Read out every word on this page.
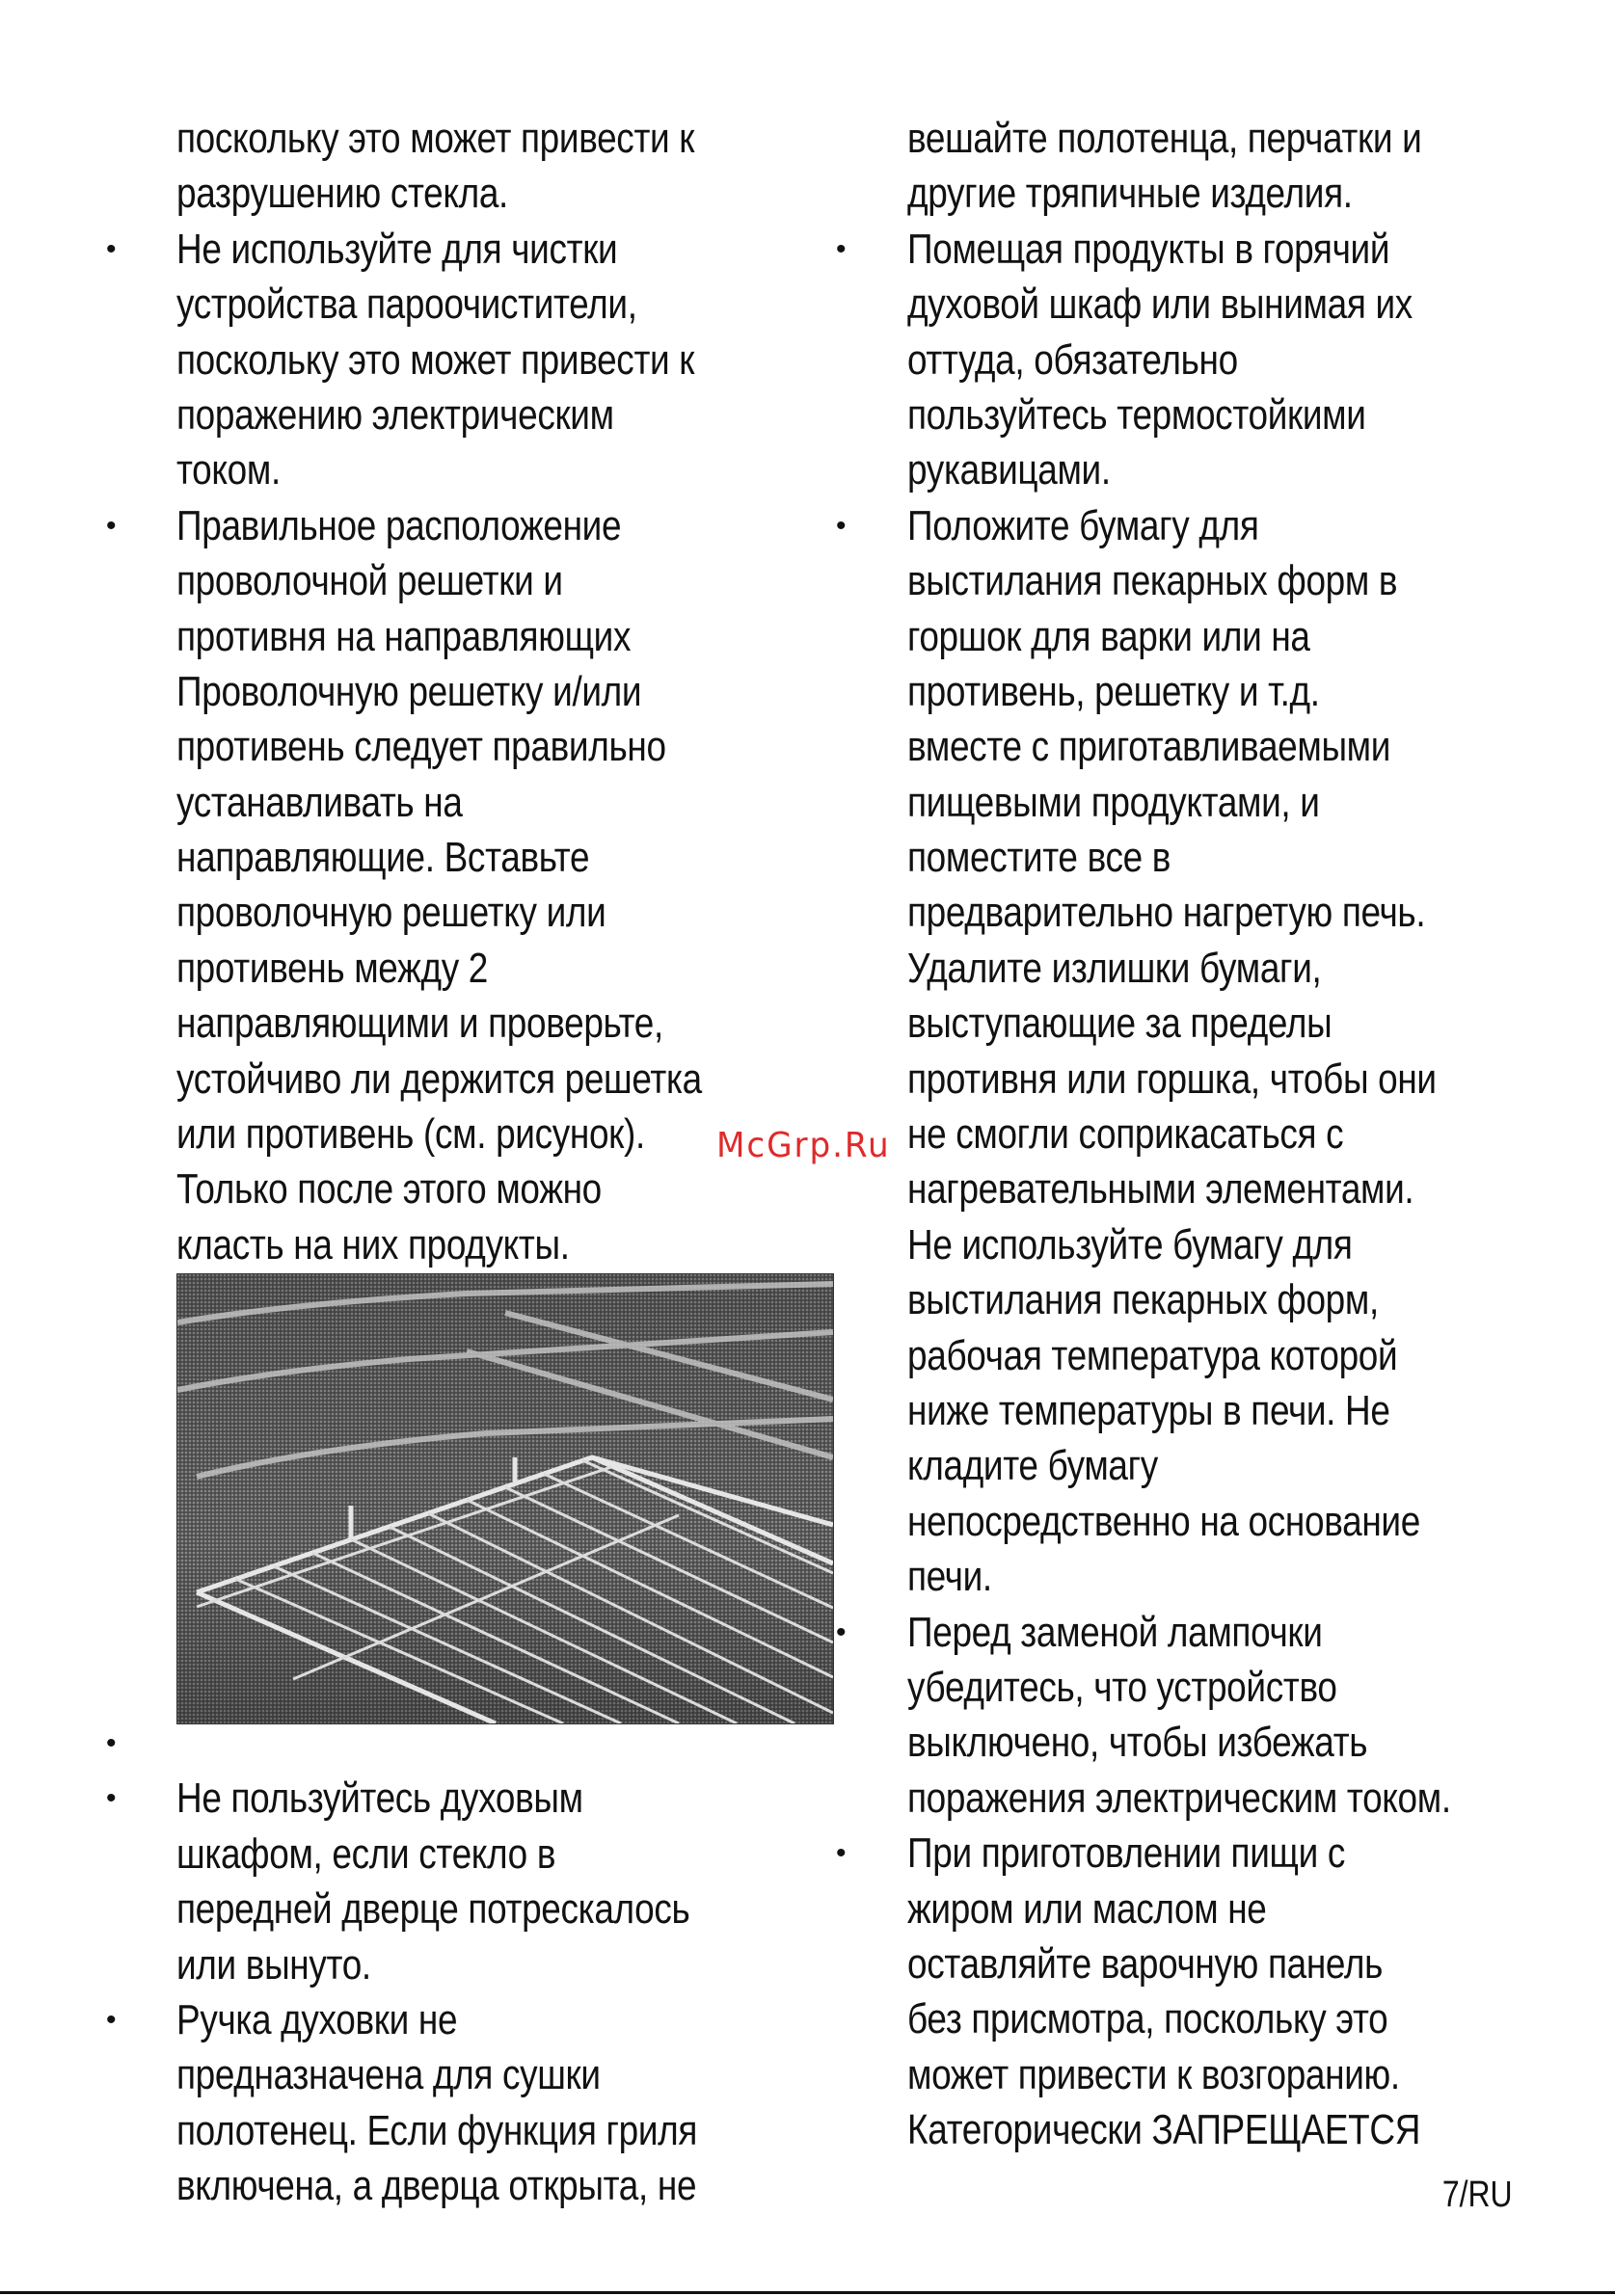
поскольку это может привести к
разрушению стекла.
• Не используйте для чистки
устройства пароочистители,
поскольку это может привести к
поражению электрическим
током.
• Правильное расположение
проволочной решетки и
противня на направляющих
Проволочную решетку и/или
противень следует правильно
устанавливать на
направляющие. Вставьте
проволочную решетку или
противень между 2
направляющими и проверьте,
устойчиво ли держится решетка
или противень (см. рисунок).
Только после этого можно
класть на них продукты.
•
• Не пользуйтесь духовым
шкафом, если стекло в
передней дверце потрескалось
или вынуто.
• Ручка духовки не
предназначена для сушки
полотенец. Если функция гриля
включена, а дверца открыта, не
вешайте полотенца, перчатки и
другие тряпичные изделия.
• Помещая продукты в горячий
духовой шкаф или вынимая их
оттуда, обязательно
пользуйтесь термостойкими
рукавицами.
• Положите бумагу для
выстилания пекарных форм в
горшок для варки или на
противень, решетку и т.д.
вместе с приготавливаемыми
пищевыми продуктами, и
поместите все в
предварительно нагретую печь.
Удалите излишки бумаги,
выступающие за пределы
противня или горшка, чтобы они
не смогли соприкасаться с
нагревательными элементами.
Не используйте бумагу для
выстилания пекарных форм,
рабочая температура которой
ниже температуры в печи. Не
кладите бумагу
непосредственно на основание
печи.
• Перед заменой лампочки
убедитесь, что устройство
выключено, чтобы избежать
поражения электрическим током.
• При приготовлении пищи с
жиром или маслом не
оставляйте варочную панель
без присмотра, поскольку это
может привести к возгоранию.
Категорически ЗАПРЕЩАЕТСЯ
McGrp.Ru
7/RU
